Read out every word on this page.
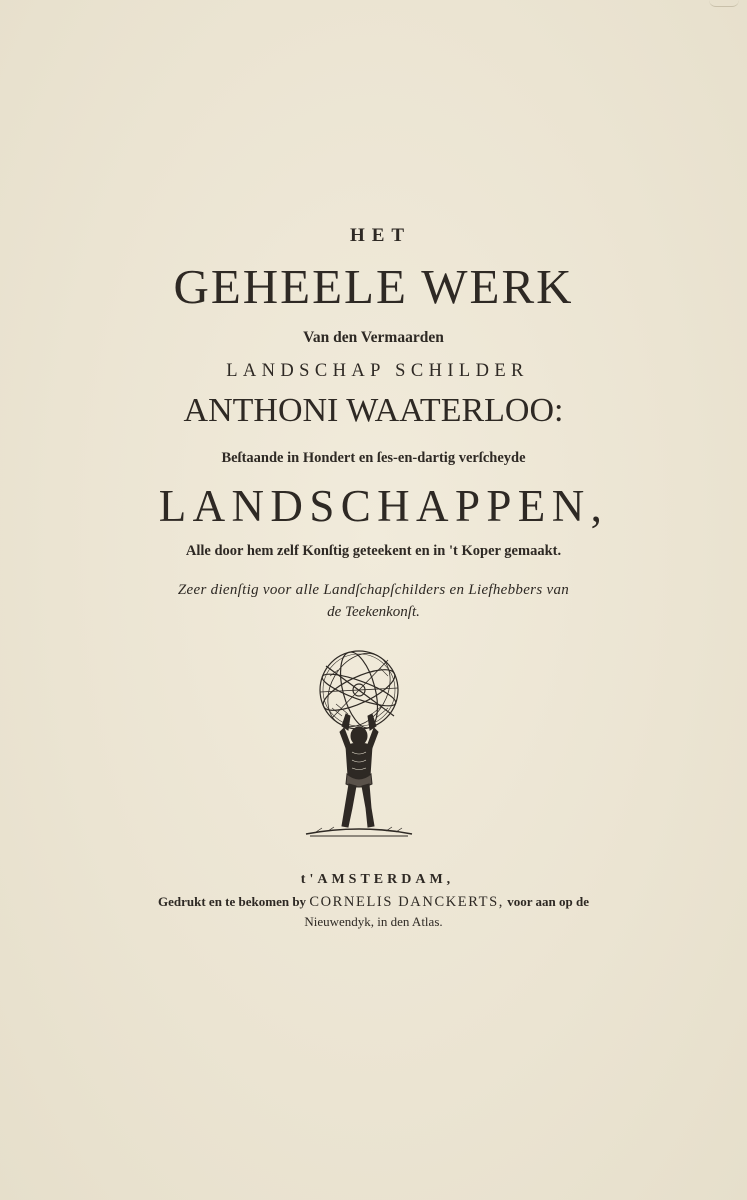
HET
GEHEELE WERK
Van den Vermaarden
LANDSCHAP SCHILDER
ANTHONI WAATERLOO:
Beſtaande in Hondert en ſes-en-dartig verſcheyde
LANDSCHAPPEN,
Alle door hem zelf Konſtig geteekent en in 't Koper gemaakt.
Zeer dienſtig voor alle Landſchapſchilders en Liefhebbers van
de Teekenkonſt.
t'AMSTERDAM,
Gedrukt en te bekomen by CORNELIS DANCKERTS, voor aan op de
Nieuwendyk, in den Atlas.
